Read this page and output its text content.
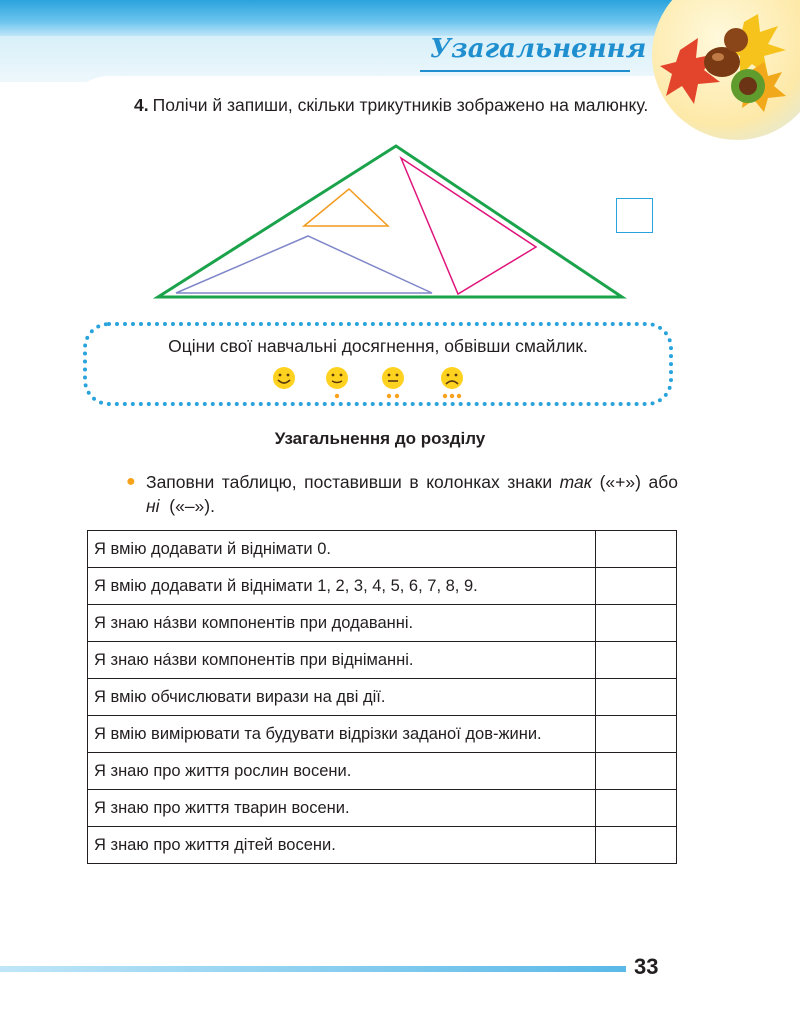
Узагальнення
4. Полічи й запиши, скільки трикутників зображено на малюнку.
Оціни свої навчальні досягнення, обвівши смайлик.
Узагальнення до розділу
● Заповни таблицю, поставивши в колонках знаки так («+») або ні («–»).
Я вмію додавати й віднімати 0.	
Я вмію додавати й віднімати 1, 2, 3, 4, 5, 6, 7, 8, 9.	
Я знаю нáзви компонентів при додаванні.	
Я знаю нáзви компонентів при відніманні.	
Я вмію обчислювати вирази на дві дії.	
Я вмію вимірювати та будувати відрізки заданої дов-жини.	
Я знаю про життя рослин восени.	
Я знаю про життя тварин восени.	
Я знаю про життя дітей восени.	
33
